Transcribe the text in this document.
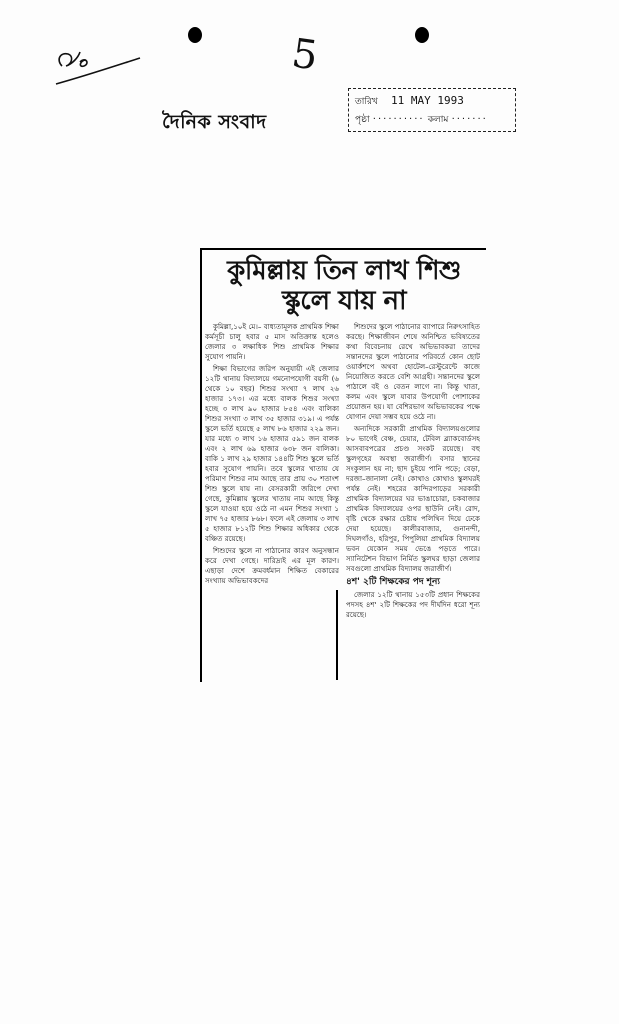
5
দৈনিক সংবাদ
তারিখ 11 MAY 1993
পৃষ্ঠা ·········· কলাম ·······
কুমিল্লায় তিন লাখ শিশু
স্কুলে যায় না

কুমিল্লা,১০ই মে।– বাধ্যতামূলক প্রাথমিক শিক্ষা কর্মসূচী চালু হবার ৫ মাস অতিক্রান্ত হলেও জেলার ৩ লক্ষাধিক শিশু প্রাথমিক শিক্ষার সুযোগ পায়নি।

শিক্ষা বিভাগের জরিপ অনুযায়ী এই জেলার ১২টি থানায় বিদ্যালয়ে গমনোপযোগী বয়সী (৬ থেকে ১০ বছর) শিশুর সংখ্যা ৭ লাখ ২৬ হাজার ১৭৩। এর মধ্যে বালক শিশুর সংখ্যা হচ্ছে ৩ লাখ ৯০ হাজার ৮৫৪ এবং বালিকা শিশুর সংখ্যা ৩ লাখ ৩৫ হাজার ৩১৯। এ পর্যন্ত স্কুলে ভর্তি হয়েছে ৫ লাখ ৮৬ হাজার ২২৯ জন। যার মধ্যে ৩ লাখ ১৬ হাজার ৫৯১ জন বালক এবং ২ লাখ ৬৯ হাজার ৬৩৮ জন বালিকা। বাকি ১ লাখ ২৯ হাজার ১৪৪টি শিশু স্কুলে ভর্তি হবার সুযোগ পায়নি। তবে স্কুলের খাতায় যে পরিমাণ শিশুর নাম আছে তার প্রায় ৩০ শতাংশ শিশু স্কুলে যায় না। বেসরকারী জরিপে দেখা গেছে, কুমিল্লায় স্কুলের খাতায় নাম আছে কিন্তু স্কুলে যাওয়া হয়ে ওঠে না এমন শিশুর সংখ্যা ১ লাখ ৭৫ হাজার ৮৬৮। ফলে এই জেলায় ৩ লাখ ৫ হাজার ৮১২টি শিশু শিক্ষার অধিকার থেকে বঞ্চিত রয়েছে।

শিশুদের স্কুলে না পাঠানোর কারণ অনুসন্ধান করে দেখা গেছে। দারিদ্র্যই এর মূল কারণ। এছাড়া দেশে ক্রমবর্ধমান শিক্ষিত বেকারের সংখ্যায় অভিভাবকদের

শিশুদের স্কুলে পাঠানোর ব্যাপারে নিরুৎসাহিত করছে। শিক্ষাজীবন শেষে অনিশ্চিত ভবিষ্যতের কথা বিবেচনায় রেখে অভিভাবকরা তাদের সন্তানদের স্কুলে পাঠানোর পরিবর্তে কোন ছোট ওয়ার্কশপে অথবা হোটেল–রেস্টুরেন্টে কাজে নিয়োজিত করতে বেশি আগ্রহী। সন্তানদের স্কুলে পাঠালে বই ও বেতন লাগে না। কিন্তু খাতা, কলম এবং স্কুলে যাবার উপযোগী পোশাকের প্রয়োজন হয়। যা বেশিরভাগ অভিভাবকের পক্ষে যোগান দেয়া সম্ভব হয়ে ওঠে না।

অন্যদিকে সরকারী প্রাথমিক বিদ্যালয়গুলোর ৮০ ভাগেই বেঞ্চ, চেয়ার, টেবিল ব্ল্যাকবোর্ডসহ আসবাবপত্রের প্রচণ্ড সংকট রয়েছে। বহু স্কুলগৃহের অবস্থা জরাজীর্ণ। বসার স্থানের সংকুলান হয় না; ছাদ চুইয়ে পানি পড়ে; বেড়া, দরজা–জানালা নেই। কোথাও কোথাও স্কুলঘরই পর্যন্ত নেই। শহরের কান্দিরপাড়ের সরকারী প্রাথমিক বিদ্যালয়ের ঘর ভাঙাচোরা, চকবাজার প্রাথমিক বিদ্যালয়ের ওপর ছাউনি নেই। রোদ, বৃষ্টি থেকে রক্ষার চেষ্টায় পলিথিন দিয়ে ঢেকে দেয়া হয়েছে। কালীরবাজার, গুনানন্দী, দিঘলগাঁও, হরিপুর, পিপুলিয়া প্রাথমিক বিদ্যালয় ভবন যেকোন সময় ভেঙে পড়তে পারে। স্যানিটেশন বিভাগ নির্মিত স্কুলঘর ছাড়া জেলার সবগুলো প্রাথমিক বিদ্যালয় জরাজীর্ণ।

৪শ' ২টি শিক্ষকের পদ শূন্য

জেলার ১২টি থানায় ১৫৩টি প্রধান শিক্ষকের পদসহ ৪শ' ২টি শিক্ষকের পদ দীর্ঘদিন ধরো শূন্য রয়েছে।
